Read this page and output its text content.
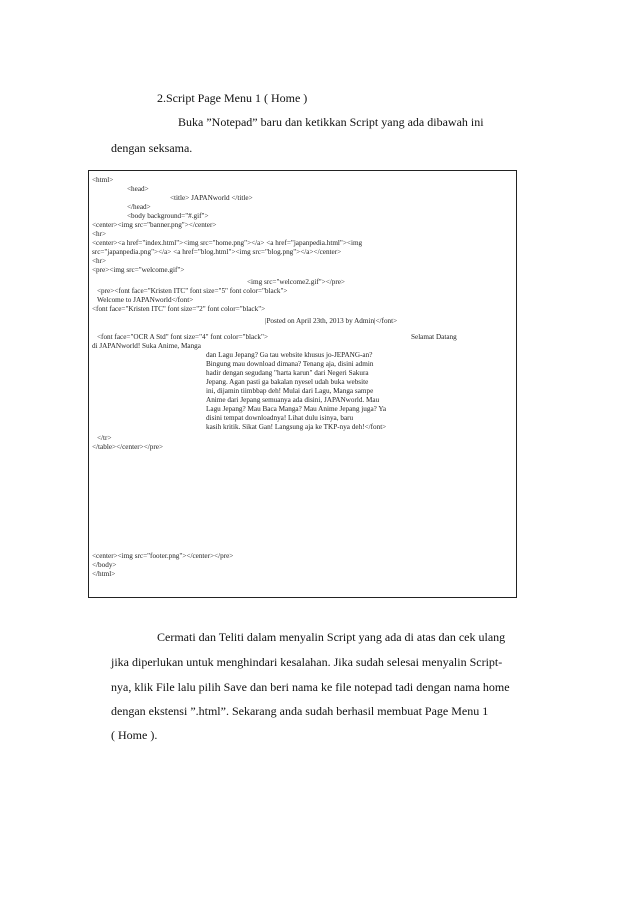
2.Script Page Menu 1 ( Home )
Buka ”Notepad” baru dan ketikkan Script yang ada dibawah ini
dengan seksama.
<html>
<head>
<title> JAPANworld </title>
</head>
<body background="#.gif">
<center><img src="banner.png"></center>
<hr>
<center><a href="index.html"><img src="home.png"></a> <a href="japanpedia.html"><img
src="japanpedia.png"></a> <a href="blog.html"><img src="blog.png"></a></center>
<hr>
<pre><img src="welcome.gif">
<img src="welcome2.gif"></pre>
<pre><font face="Kristen ITC" font size="5" font color="black">
Welcome to JAPANworld</font>
<font face="Kristen ITC" font size="2" font color="black">
|Posted on April 23th, 2013 by Admin|</font>
<font face="OCR A Std" font size="4" font color="black">	Selamat Datang
di JAPANworld! Suka Anime, Manga
dan Lagu Jepang? Ga tau website khusus jo-JEPANG-an?
Bingung mau download dimana? Tenang aja, disini admin
hadir dengan segudang "harta karun" dari Negeri Sakura
Jepang. Agan pasti ga bakalan nyesel udah buka website
ini, dijamin tiimbbap deh! Mulai dari Lagu, Manga sampe
Anime dari Jepang semuanya ada disini, JAPANworld. Mau
Lagu Jepang? Mau Baca Manga? Mau Anime Jepang juga? Ya
disini tempat downloadnya! Lihat dulu isinya, baru
kasih kritik. Sikat Gan! Langsung aja ke TKP-nya deh!</font>
</tr>
</table></center></pre>
<center><img src="footer.png"></center></pre>
</body>
</html>
Cermati dan Teliti dalam menyalin Script yang ada di atas dan cek ulang
jika diperlukan untuk menghindari kesalahan. Jika sudah selesai menyalin Script-
nya, klik File lalu pilih Save dan beri nama ke file notepad tadi dengan nama home
dengan ekstensi ”.html”. Sekarang anda sudah berhasil membuat Page Menu 1
( Home ).
